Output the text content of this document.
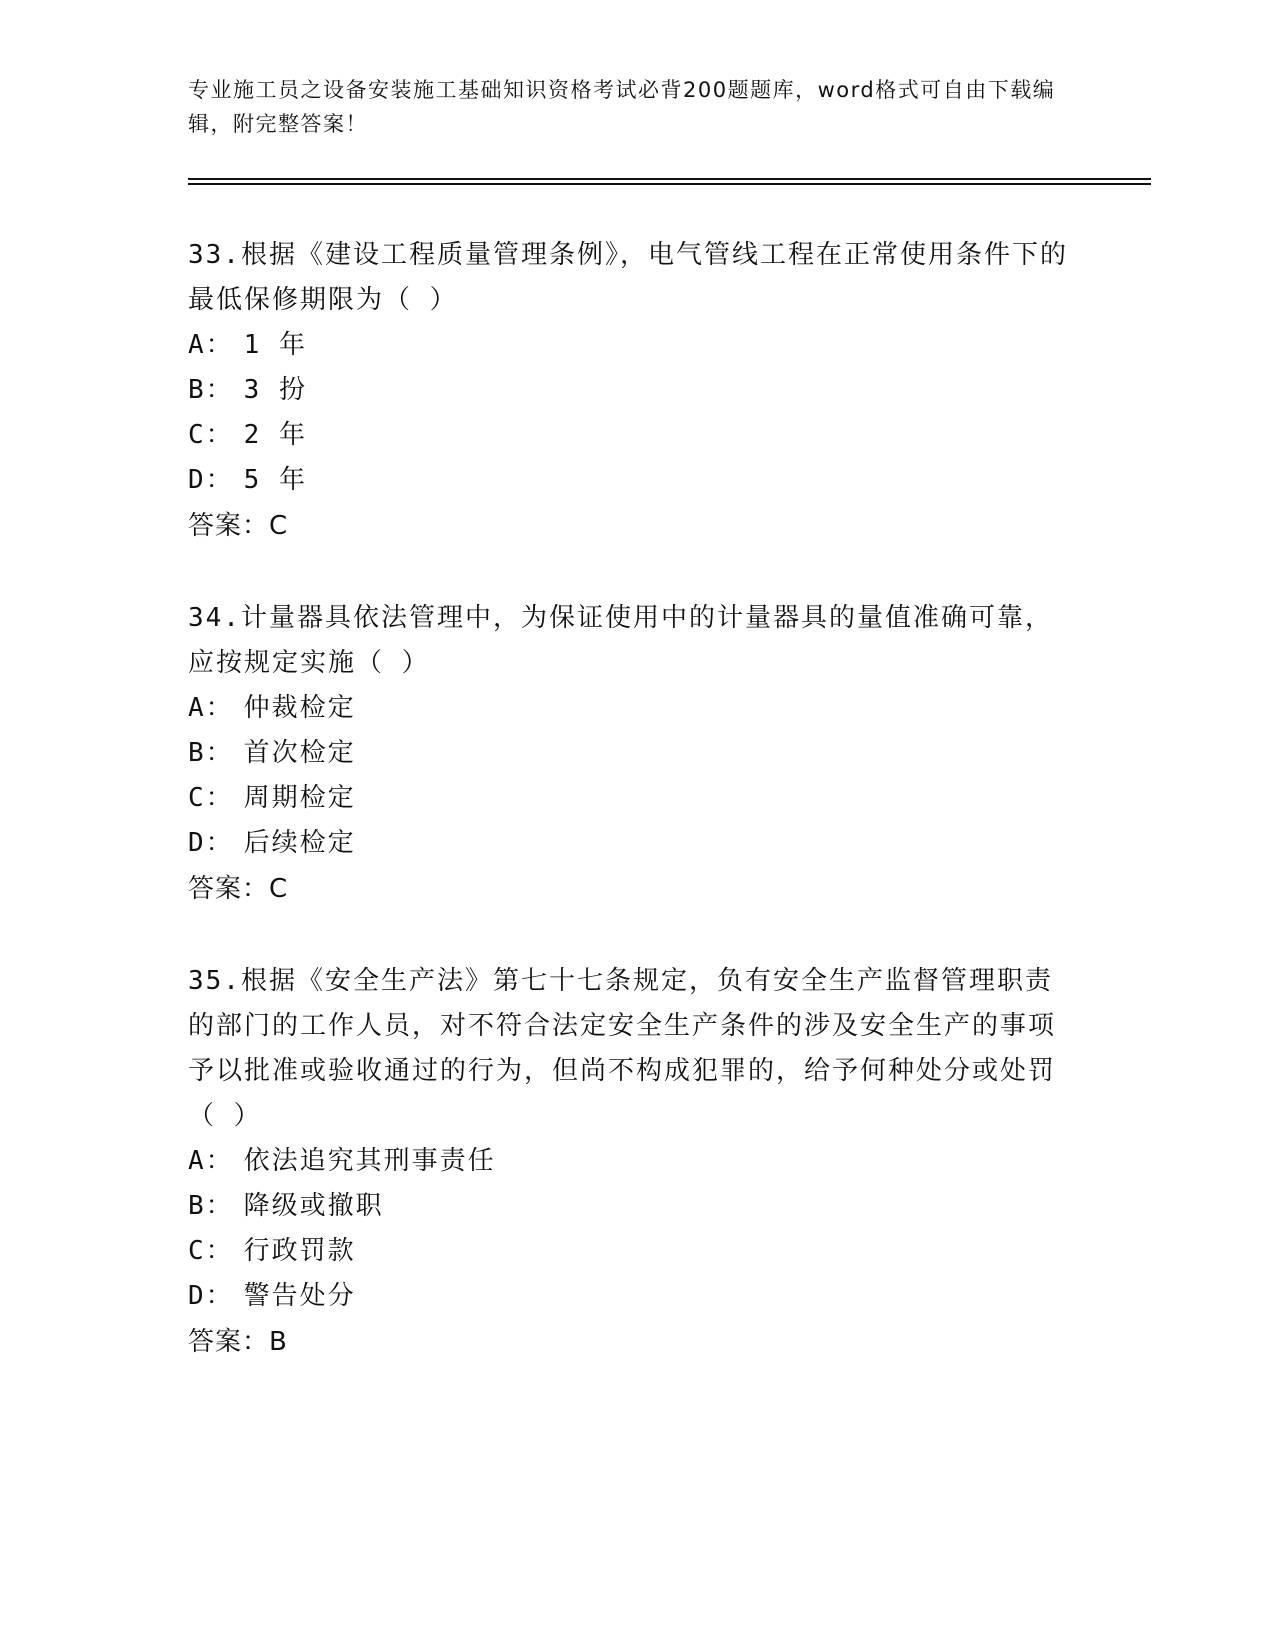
专业施工员之设备安装施工基础知识资格考试必背200题题库，word格式可自由下载编辑，附完整答案！
33.根据《建设工程质量管理条例》，电气管线工程在正常使用条件下的最低保修期限为（ ）
A： 1 年
B： 3 扮
C： 2 年
D： 5 年
答案：C
34.计量器具依法管理中，为保证使用中的计量器具的量值准确可靠，应按规定实施（ ）
A： 仲裁检定
B： 首次检定
C： 周期检定
D： 后续检定
答案：C
35.根据《安全生产法》第七十七条规定，负有安全生产监督管理职责的部门的工作人员，对不符合法定安全生产条件的涉及安全生产的事项予以批准或验收通过的行为，但尚不构成犯罪的，给予何种处分或处罚（ ）
A： 依法追究其刑事责任
B： 降级或撤职
C： 行政罚款
D： 警告处分
答案：B
